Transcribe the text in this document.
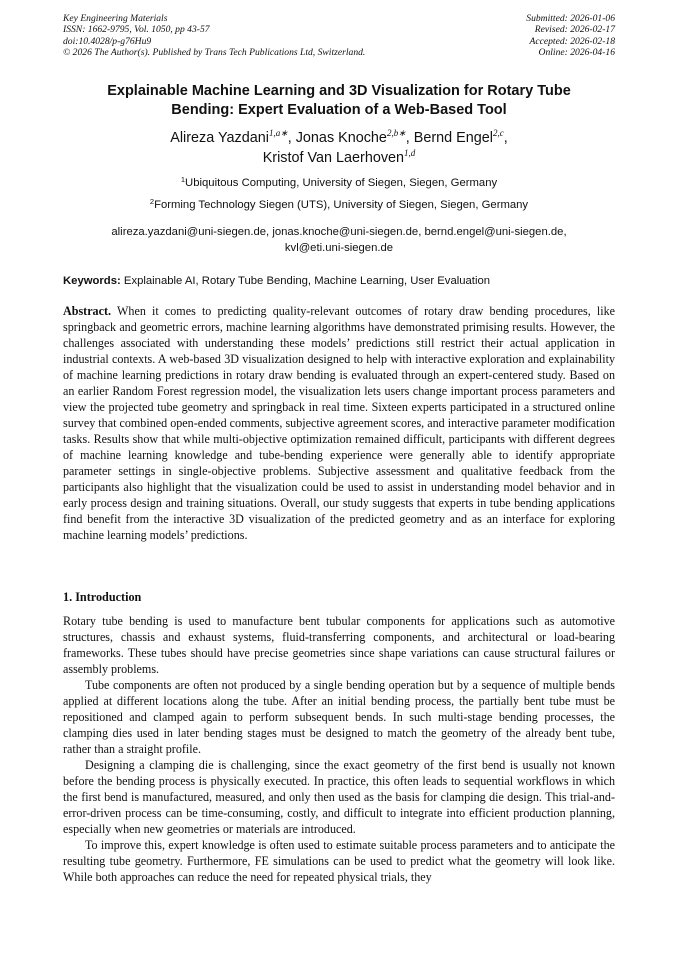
Key Engineering Materials	Submitted: 2026-01-06
ISSN: 1662-9795, Vol. 1050, pp 43-57	Revised: 2026-02-17
doi:10.4028/p-g76Hu9	Accepted: 2026-02-18
© 2026 The Author(s). Published by Trans Tech Publications Ltd, Switzerland.	Online: 2026-04-16
Explainable Machine Learning and 3D Visualization for Rotary Tube
Bending: Expert Evaluation of a Web-Based Tool
Alireza Yazdani$^{1,a∗}$, Jonas Knoche$^{2,b∗}$, Bernd Engel$^{2,c}$,
Kristof Van Laerhoven$^{1,d}$
$^1$Ubiquitous Computing, University of Siegen, Siegen, Germany
$^2$Forming Technology Siegen (UTS), University of Siegen, Siegen, Germany
alireza.yazdani@uni-siegen.de, jonas.knoche@uni-siegen.de, bernd.engel@uni-siegen.de,
kvl@eti.uni-siegen.de
Keywords: Explainable AI, Rotary Tube Bending, Machine Learning, User Evaluation
Abstract. When it comes to predicting quality-relevant outcomes of rotary draw bending procedures, like springback and geometric errors, machine learning algorithms have demonstrated primising results. However, the challenges associated with understanding these models’ predictions still restrict their actual application in industrial contexts. A web-based 3D visualization designed to help with interactive exploration and explainability of machine learning predictions in rotary draw bending is evaluated through an expert-centered study. Based on an earlier Random Forest regression model, the visualization lets users change important process parameters and view the projected tube geometry and springback in real time. Sixteen experts participated in a structured online survey that combined open-ended comments, subjective agreement scores, and interactive parameter modification tasks. Results show that while multi-objective optimization remained difficult, participants with different degrees of machine learning knowledge and tube-bending experience were generally able to identify appropriate parameter settings in single-objective problems. Subjective assessment and qualitative feedback from the participants also highlight that the visualization could be used to assist in understanding model behavior and in early process design and training situations. Overall, our study suggests that experts in tube bending applications find benefit from the interactive 3D visualization of the predicted geometry and as an interface for exploring machine learning models’ predictions.
1. Introduction

Rotary tube bending is used to manufacture bent tubular components for applications such as automotive structures, chassis and exhaust systems, fluid-transferring components, and architectural or load-bearing frameworks. These tubes should have precise geometries since shape variations can cause structural failures or assembly problems.

Tube components are often not produced by a single bending operation but by a sequence of multiple bends applied at different locations along the tube. After an initial bending process, the partially bent tube must be repositioned and clamped again to perform subsequent bends. In such multi-stage bending processes, the clamping dies used in later bending stages must be designed to match the geometry of the already bent tube, rather than a straight profile.

Designing a clamping die is challenging, since the exact geometry of the first bend is usually not known before the bending process is physically executed. In practice, this often leads to sequential workflows in which the first bend is manufactured, measured, and only then used as the basis for clamping die design. This trial-and-error-driven process can be time-consuming, costly, and difficult to integrate into efficient production planning, especially when new geometries or materials are introduced.

To improve this, expert knowledge is often used to estimate suitable process parameters and to anticipate the resulting tube geometry. Furthermore, FE simulations can be used to predict what the geometry will look like. While both approaches can reduce the need for repeated physical trials, they
